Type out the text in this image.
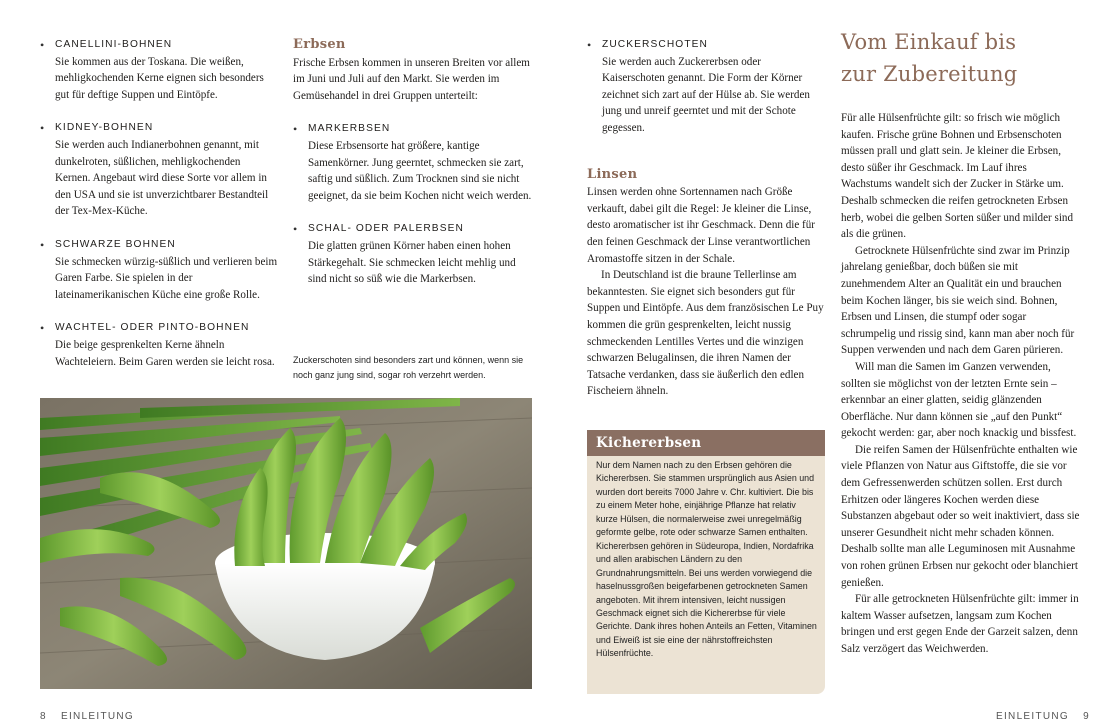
• CANELLINI-BOHNEN

Sie kommen aus der Toskana. Die weißen, mehligkochenden Kerne eignen sich besonders gut für deftige Suppen und Eintöpfe.

• KIDNEY-BOHNEN

Sie werden auch Indianerbohnen genannt, mit dunkelroten, süßlichen, mehligkochenden Kernen. Angebaut wird diese Sorte vor allem in den USA und sie ist unverzichtbarer Bestandteil der Tex-Mex-Küche.

• SCHWARZE BOHNEN

Sie schmecken würzig-süßlich und verlieren beim Garen Farbe. Sie spielen in der lateinamerikanischen Küche eine große Rolle.

• WACHTEL- ODER PINTO-BOHNEN

Die beige gesprenkelten Kerne ähneln Wachteleiern. Beim Garen werden sie leicht rosa.

Erbsen

Frische Erbsen kommen in unseren Breiten vor allem im Juni und Juli auf den Markt. Sie werden im Gemüsehandel in drei Gruppen unterteilt:

• MARKERBSEN

Diese Erbsensorte hat größere, kantige Samenkörner. Jung geerntet, schmecken sie zart, saftig und süßlich. Zum Trocknen sind sie nicht geeignet, da sie beim Kochen nicht weich werden.

• SCHAL- ODER PALERBSEN

Die glatten grünen Körner haben einen hohen Stärkegehalt. Sie schmecken leicht mehlig und sind nicht so süß wie die Markerbsen.

Zuckerschoten sind besonders zart und können, wenn sie noch ganz jung sind, sogar roh verzehrt werden.
• ZUCKERSCHOTEN

Sie werden auch Zuckererbsen oder Kaiserschoten genannt. Die Form der Körner zeichnet sich zart auf der Hülse ab. Sie werden jung und unreif geerntet und mit der Schote gegessen.

Linsen

Linsen werden ohne Sortennamen nach Größe verkauft, dabei gilt die Regel: Je kleiner die Linse, desto aromatischer ist ihr Geschmack. Denn die für den feinen Geschmack der Linse verantwortlichen Aromastoffe sitzen in der Schale.

In Deutschland ist die braune Tellerlinse am bekanntesten. Sie eignet sich besonders gut für Suppen und Eintöpfe. Aus dem französischen Le Puy kommen die grün gesprenkelten, leicht nussig schmeckenden Lentilles Vertes und die winzigen schwarzen Belugalinsen, die ihren Namen der Tatsache verdanken, dass sie äußerlich den edlen Fischeiern ähneln.

Kichererbsen

Nur dem Namen nach zu den Erbsen gehören die Kichererbsen. Sie stammen ursprünglich aus Asien und wurden dort bereits 7000 Jahre v. Chr. kultiviert. Die bis zu einem Meter hohe, einjährige Pflanze hat relativ kurze Hülsen, die normalerweise zwei unregelmäßig geformte gelbe, rote oder schwarze Samen enthalten.

Kichererbsen gehören in Südeuropa, Indien, Nordafrika und allen arabischen Ländern zu den Grundnahrungsmitteln. Bei uns werden vorwiegend die haselnussgroßen beigefarbenen getrockneten Samen angeboten. Mit ihrem intensiven, leicht nussigen Geschmack eignet sich die Kichererbse für viele Gerichte. Dank ihres hohen Anteils an Fetten, Vitaminen und Eiweiß ist sie eine der nährstoffreichsten Hülsenfrüchte.

Vom Einkauf bis
zur Zubereitung

Für alle Hülsenfrüchte gilt: so frisch wie möglich kaufen. Frische grüne Bohnen und Erbsenschoten müssen prall und glatt sein. Je kleiner die Erbsen, desto süßer ihr Geschmack. Im Lauf ihres Wachstums wandelt sich der Zucker in Stärke um. Deshalb schmecken die reifen getrockneten Erbsen herb, wobei die gelben Sorten süßer und milder sind als die grünen.

Getrocknete Hülsenfrüchte sind zwar im Prinzip jahrelang genießbar, doch büßen sie mit zunehmendem Alter an Qualität ein und brauchen beim Kochen länger, bis sie weich sind. Bohnen, Erbsen und Linsen, die stumpf oder sogar schrumpelig und rissig sind, kann man aber noch für Suppen verwenden und nach dem Garen pürieren.

Will man die Samen im Ganzen verwenden, sollten sie möglichst von der letzten Ernte sein – erkennbar an einer glatten, seidig glänzenden Oberfläche. Nur dann können sie „auf den Punkt“ gekocht werden: gar, aber noch knackig und bissfest.

Die reifen Samen der Hülsenfrüchte enthalten wie viele Pflanzen von Natur aus Giftstoffe, die sie vor dem Gefressenwerden schützen sollen. Erst durch Erhitzen oder längeres Kochen werden diese Substanzen abgebaut oder so weit inaktiviert, dass sie unserer Gesundheit nicht mehr schaden können. Deshalb sollte man alle Leguminosen mit Ausnahme von rohen grünen Erbsen nur gekocht oder blanchiert genießen.

Für alle getrockneten Hülsenfrüchte gilt: immer in kaltem Wasser aufsetzen, langsam zum Kochen bringen und erst gegen Ende der Garzeit salzen, denn Salz verzögert das Weichwerden.

8 EINLEITUNG	EINLEITUNG 9
